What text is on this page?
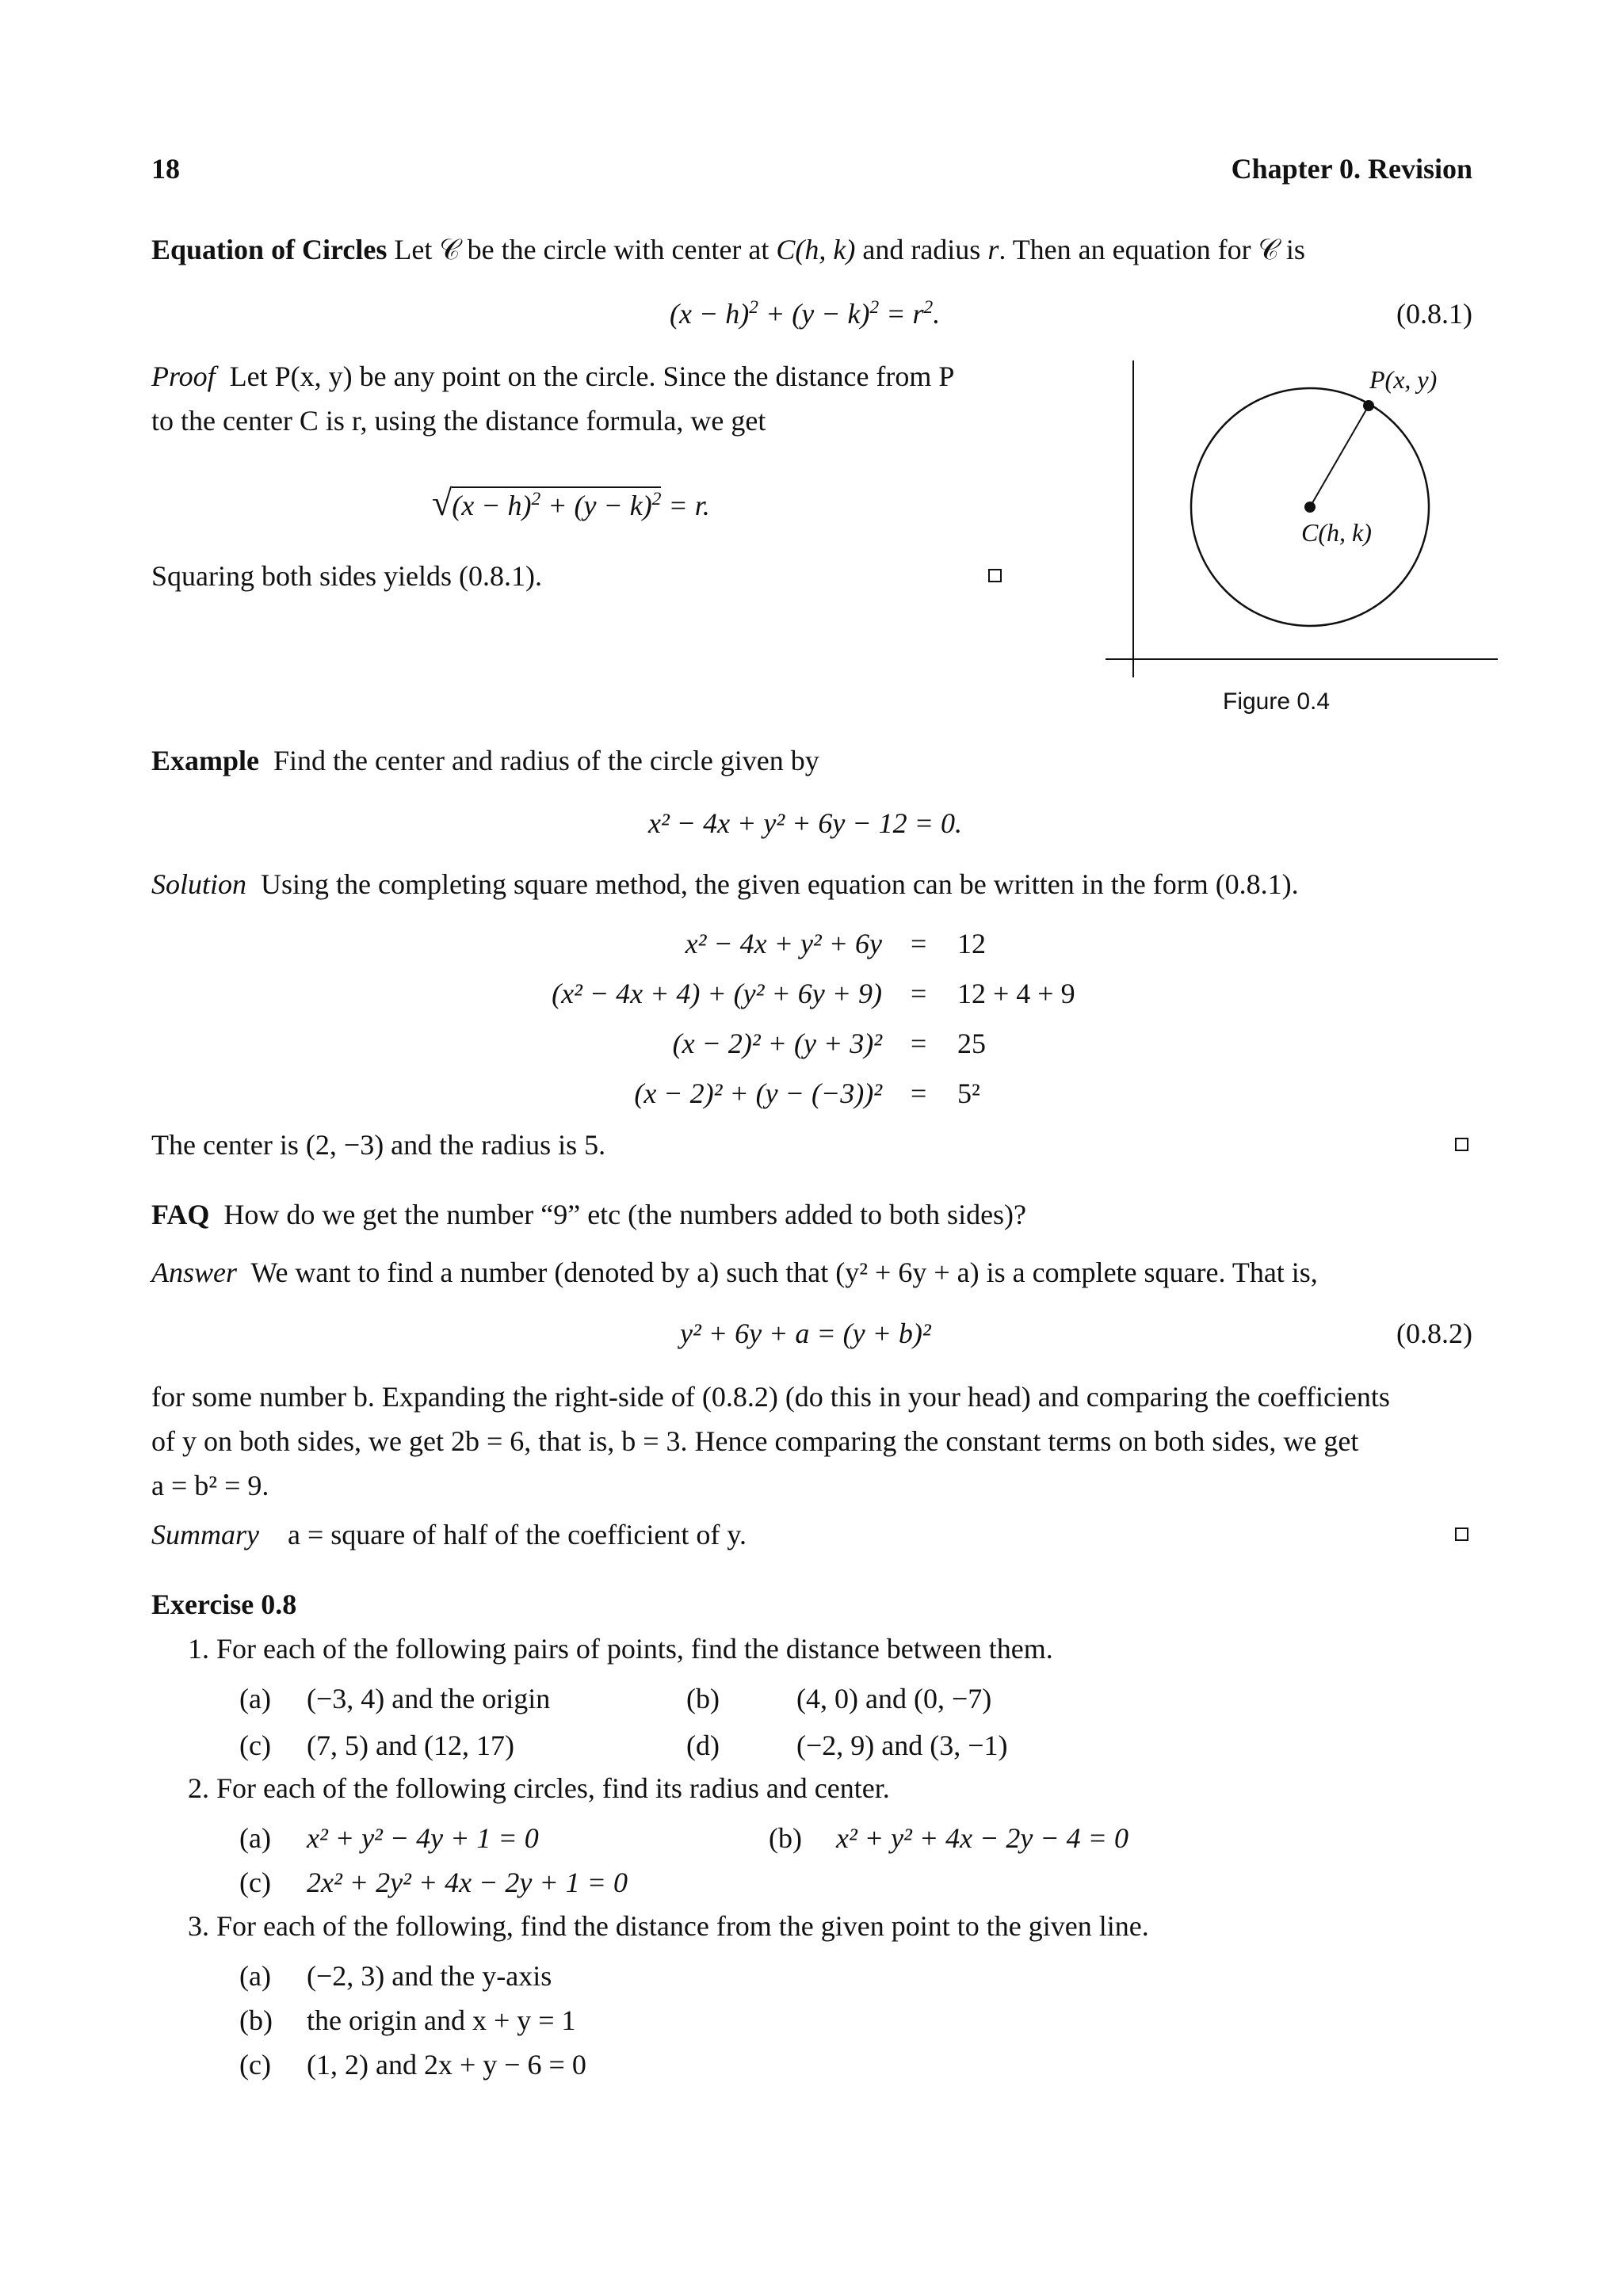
18	Chapter 0. Revision
Equation of Circles Let 𝒞 be the circle with center at C(h, k) and radius r. Then an equation for 𝒞 is
$(x - h)^2 + (y - k)^2 = r^2$.	(0.8.1)
Proof Let P(x, y) be any point on the circle. Since the distance from P
to the center C is r, using the distance formula, we get
$√(x - h)^2 + (y - k)^2 = r$.
Squaring both sides yields (0.8.1).
P(x, y)
C(h, k)
Figure 0.4
Example Find the center and radius of the circle given by
x² − 4x + y² + 6y − 12 = 0.
Solution Using the completing square method, the given equation can be written in the form (0.8.1).
x² − 4x + y² + 6y = 12
(x² − 4x + 4) + (y² + 6y + 9) = 12 + 4 + 9
(x − 2)² + (y + 3)² = 25
(x − 2)² + (y − (−3))² = 5²
The center is (2, −3) and the radius is 5.
FAQ How do we get the number “9” etc (the numbers added to both sides)?
Answer We want to find a number (denoted by a) such that (y² + 6y + a) is a complete square. That is,
y² + 6y + a = (y + b)²	(0.8.2)
for some number b. Expanding the right-side of (0.8.2) (do this in your head) and comparing the coefficients
of y on both sides, we get 2b = 6, that is, b = 3. Hence comparing the constant terms on both sides, we get
a = b² = 9.
Summary a = square of half of the coefficient of y.
Exercise 0.8
1. For each of the following pairs of points, find the distance between them.
(a) (−3, 4) and the origin	(b)	(4, 0) and (0, −7)
(c) (7, 5) and (12, 17)	(d)	(−2, 9) and (3, −1)
2. For each of the following circles, find its radius and center.
(a) x² + y² − 4y + 1 = 0	(b) x² + y² + 4x − 2y − 4 = 0
(c) 2x² + 2y² + 4x − 2y + 1 = 0
3. For each of the following, find the distance from the given point to the given line.
(a) (−2, 3) and the y-axis
(b) the origin and x + y = 1
(c) (1, 2) and 2x + y − 6 = 0
